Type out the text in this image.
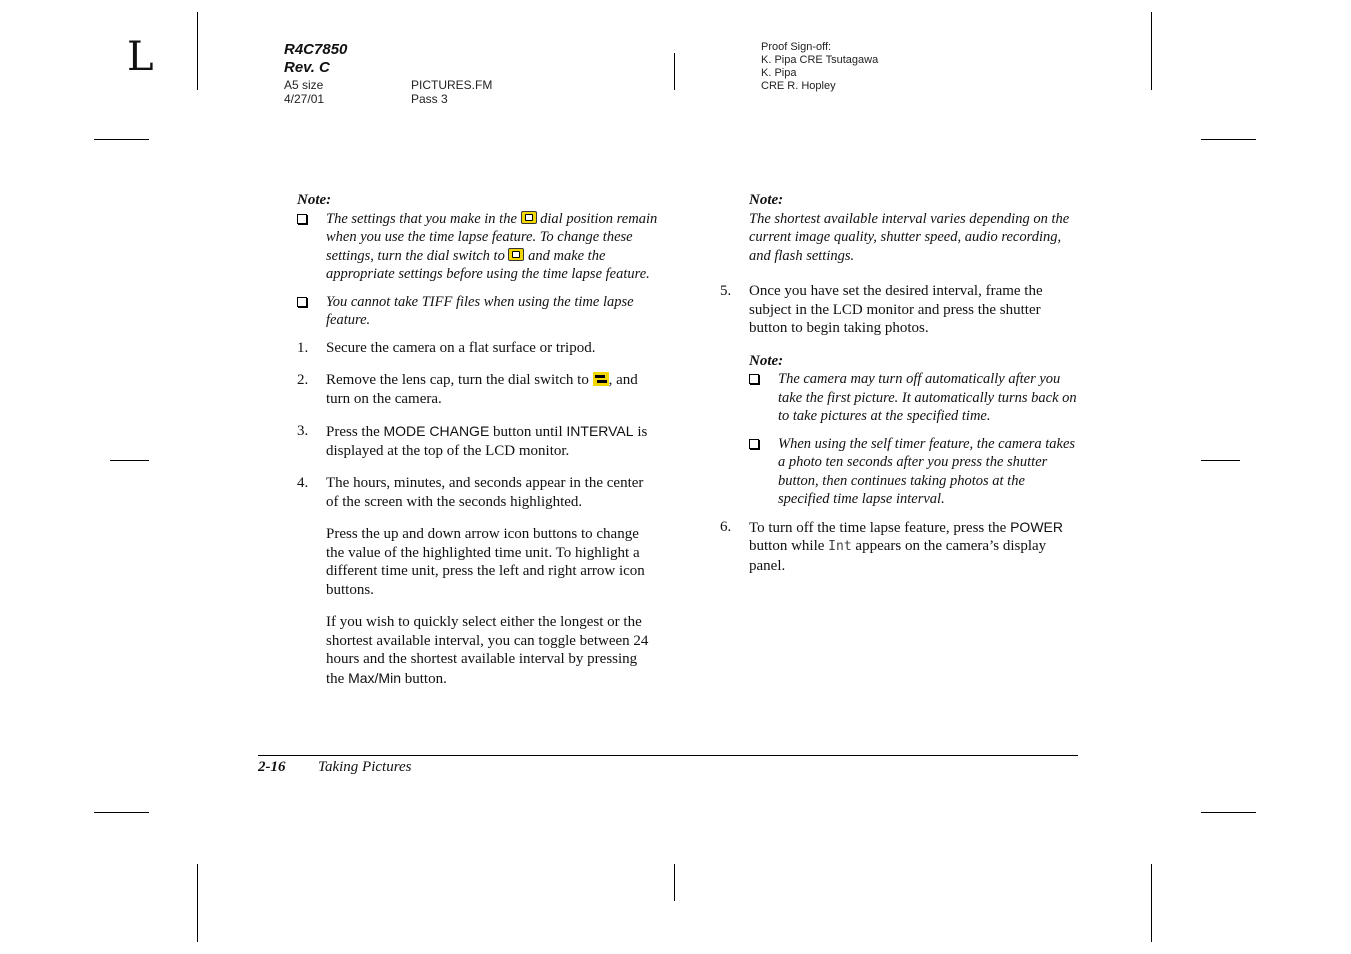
L	R4C7850
Rev. C
A5 size
4/27/01
PICTURES.FM
Pass 3
Proof Sign-off:
K. Pipa CRE Tsutagawa
K. Pipa
CRE R. Hopley
Note:
The settings that you make in the dial position remain when you use the time lapse feature. To change these settings, turn the dial switch to and make the appropriate settings before using the time lapse feature.
You cannot take TIFF files when using the time lapse feature.
1. Secure the camera on a flat surface or tripod.
2. Remove the lens cap, turn the dial switch to , and turn on the camera.
3. Press the MODE CHANGE button until INTERVAL is displayed at the top of the LCD monitor.
4. The hours, minutes, and seconds appear in the center of the screen with the seconds highlighted.

Press the up and down arrow icon buttons to change the value of the highlighted time unit. To highlight a different time unit, press the left and right arrow icon buttons.

If you wish to quickly select either the longest or the shortest available interval, you can toggle between 24 hours and the shortest available interval by pressing the Max/Min button.

Note:
The shortest available interval varies depending on the current image quality, shutter speed, audio recording, and flash settings.
5. Once you have set the desired interval, frame the subject in the LCD monitor and press the shutter button to begin taking photos.
Note:
The camera may turn off automatically after you take the first picture. It automatically turns back on to take pictures at the specified time.
When using the self timer feature, the camera takes a photo ten seconds after you press the shutter button, then continues taking photos at the specified time lapse interval.
6. To turn off the time lapse feature, press the POWER button while Int appears on the camera’s display panel.
2-16 Taking Pictures
